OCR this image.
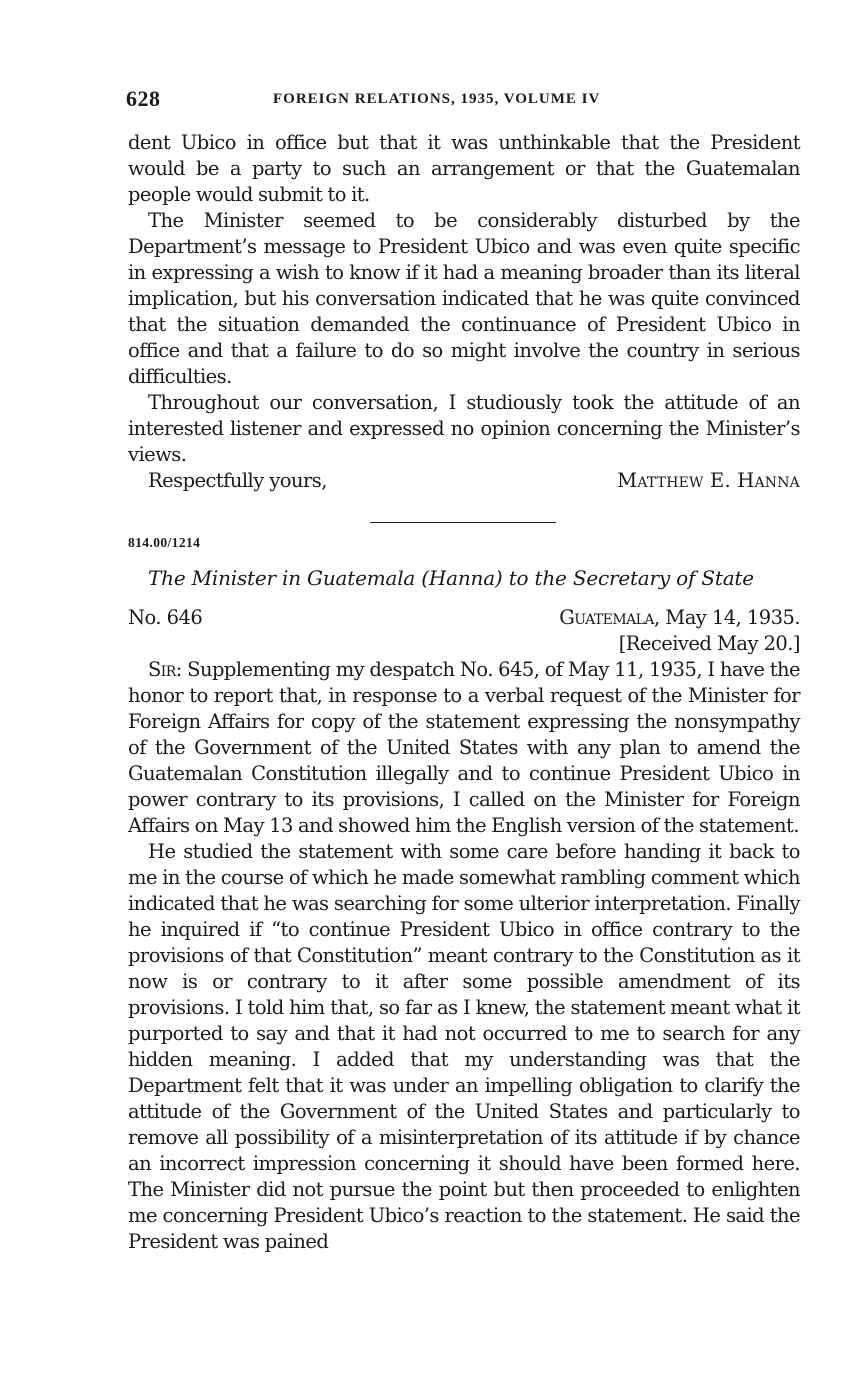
628	FOREIGN RELATIONS, 1935, VOLUME IV

dent Ubico in office but that it was unthinkable that the President would be a party to such an arrangement or that the Guatemalan people would submit to it.

The Minister seemed to be considerably disturbed by the Department’s message to President Ubico and was even quite specific in expressing a wish to know if it had a meaning broader than its literal implication, but his conversation indicated that he was quite convinced that the situation demanded the continuance of President Ubico in office and that a failure to do so might involve the country in serious difficulties.

Throughout our conversation, I studiously took the attitude of an interested listener and expressed no opinion concerning the Minister’s views.

Respectfully yours,	Matthew E. Hanna
814.00/1214
The Minister in Guatemala (Hanna) to the Secretary of State
No. 646	Guatemala, May 14, 1935.
[Received May 20.]

Sir: Supplementing my despatch No. 645, of May 11, 1935, I have the honor to report that, in response to a verbal request of the Minister for Foreign Affairs for copy of the statement expressing the nonsympathy of the Government of the United States with any plan to amend the Guatemalan Constitution illegally and to continue President Ubico in power contrary to its provisions, I called on the Minister for Foreign Affairs on May 13 and showed him the English version of the statement.

He studied the statement with some care before handing it back to me in the course of which he made somewhat rambling comment which indicated that he was searching for some ulterior interpretation. Finally he inquired if “to continue President Ubico in office contrary to the provisions of that Constitution” meant contrary to the Constitution as it now is or contrary to it after some possible amendment of its provisions. I told him that, so far as I knew, the statement meant what it purported to say and that it had not occurred to me to search for any hidden meaning. I added that my understanding was that the Department felt that it was under an impelling obligation to clarify the attitude of the Government of the United States and particularly to remove all possibility of a misinterpretation of its attitude if by chance an incorrect impression concerning it should have been formed here. The Minister did not pursue the point but then proceeded to enlighten me concerning President Ubico’s reaction to the statement. He said the President was pained
